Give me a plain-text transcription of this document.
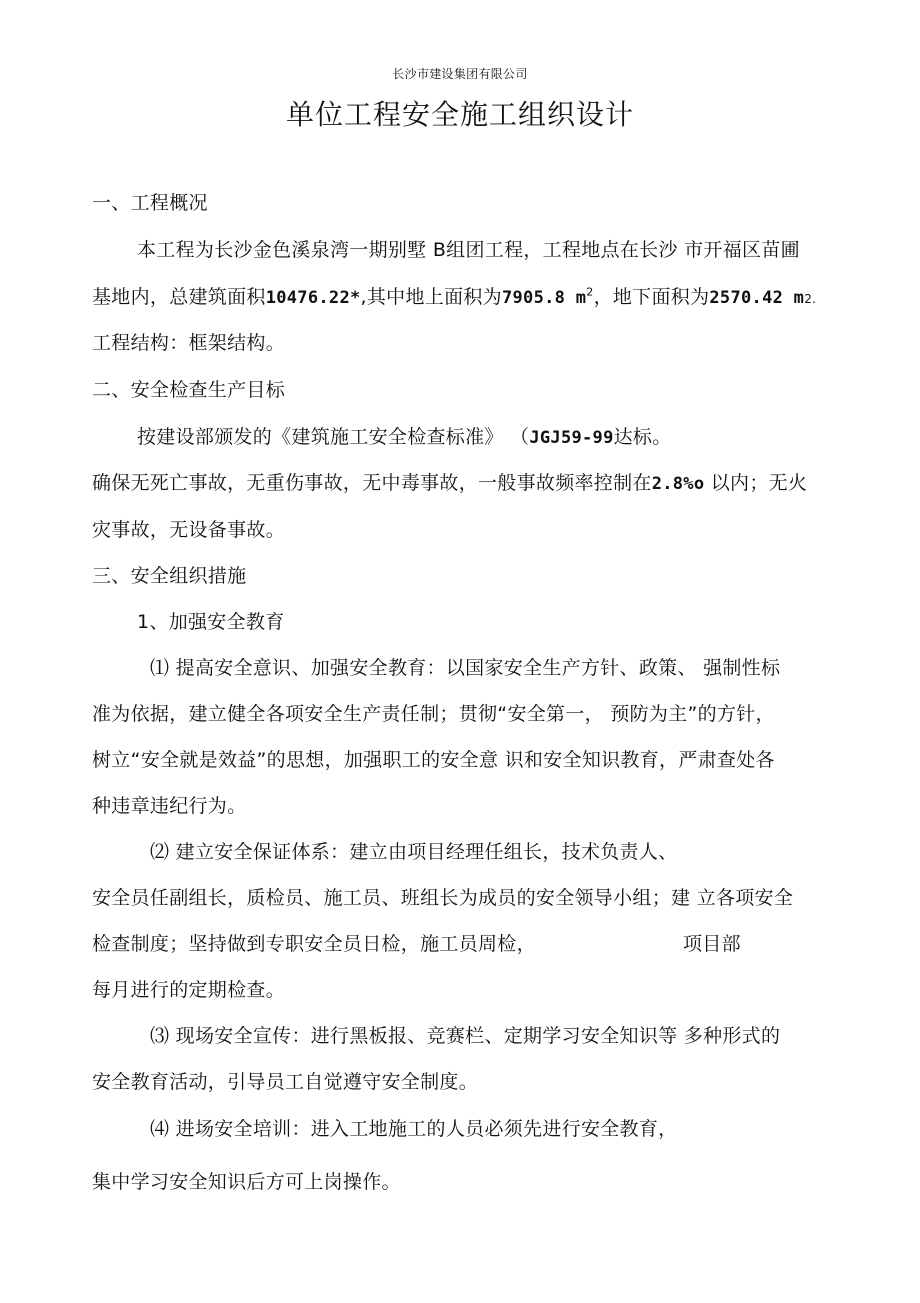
长沙市建设集团有限公司
单位工程安全施工组织设计
一、工程概况
本工程为长沙金色溪泉湾一期别墅 B组团工程，工程地点在长沙 市开福区苗圃
基地内，总建筑面积10476.22*,其中地上面积为7905.8 $m^2$，地下面积为2570.42 m2.
工程结构：框架结构。
二、安全检查生产目标
按建设部颁发的《建筑施工安全检查标准》 （JGJ59-99达标。
确保无死亡事故，无重伤事故，无中毒事故，一般事故频率控制在2.8%o 以内；无火
灾事故，无设备事故。
三、安全组织措施
1、加强安全教育
⑴ 提高安全意识、加强安全教育：以国家安全生产方针、政策、 强制性标
准为依据，建立健全各项安全生产责任制；贯彻“安全第一， 预防为主”的方针，
树立“安全就是效益”的思想，加强职工的安全意 识和安全知识教育，严肃查处各
种违章违纪行为。
⑵ 建立安全保证体系：建立由项目经理任组长，技术负责人、
安全员任副组长，质检员、施工员、班组长为成员的安全领导小组；建 立各项安全
检查制度；坚持做到专职安全员日检，施工员周检，	项目部
每月进行的定期检查。
⑶ 现场安全宣传：进行黑板报、竞赛栏、定期学习安全知识等 多种形式的
安全教育活动，引导员工自觉遵守安全制度。
⑷ 进场安全培训：进入工地施工的人员必须先进行安全教育，
集中学习安全知识后方可上岗操作。
